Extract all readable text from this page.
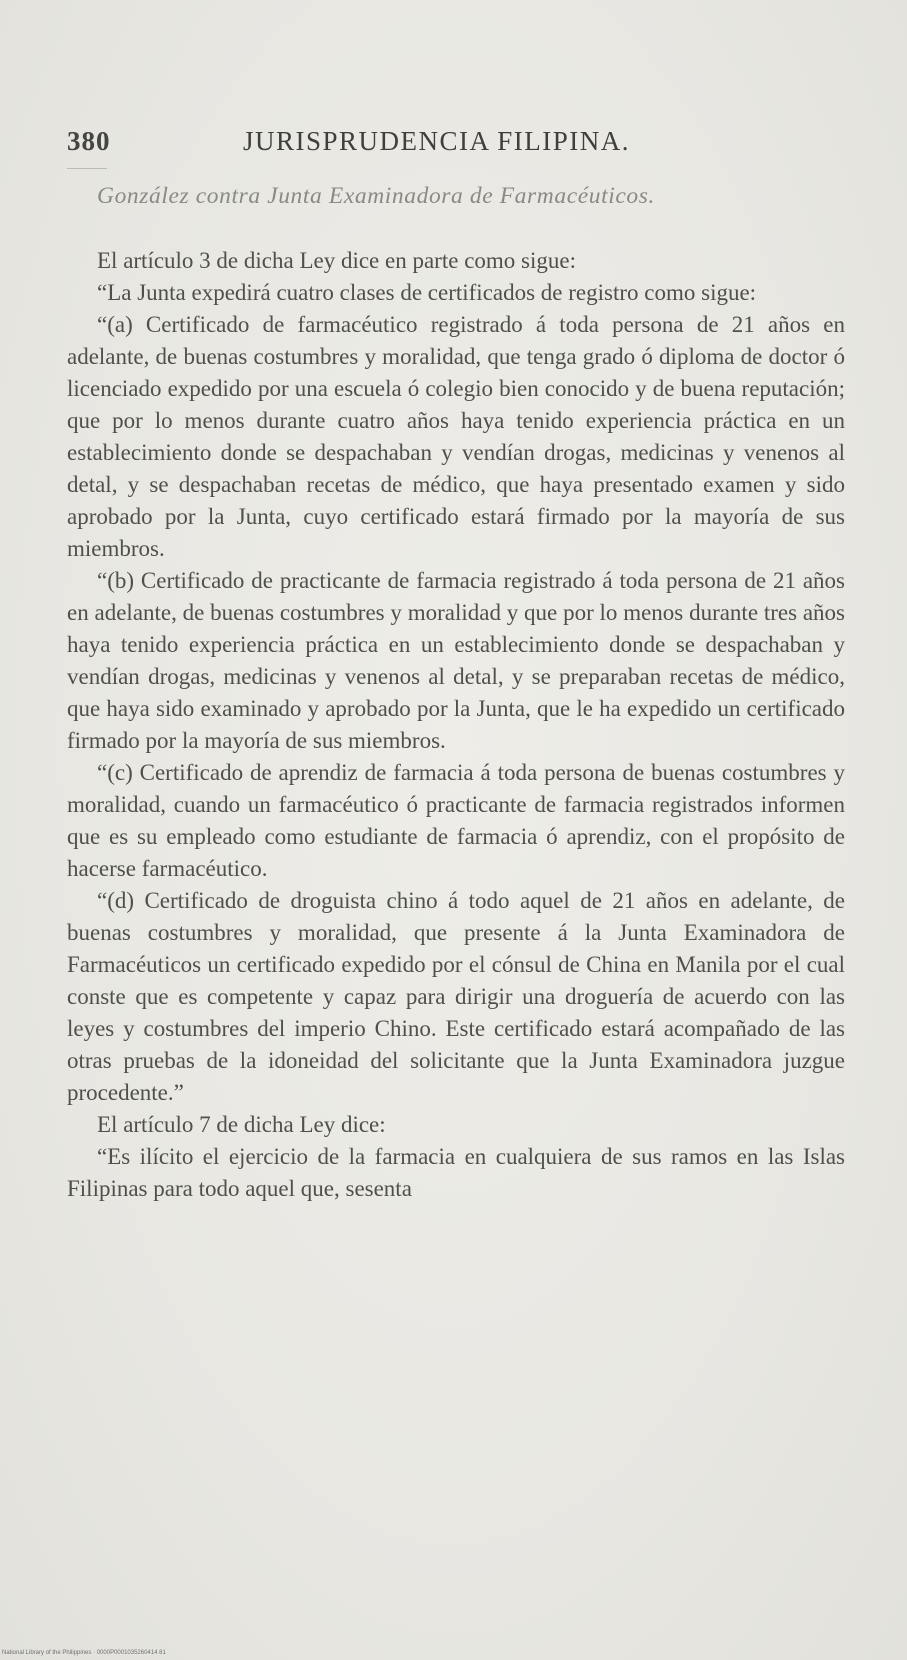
380	JURISPRUDENCIA FILIPINA.
González contra Junta Examinadora de Farmacéuticos.

El artículo 3 de dicha Ley dice en parte como sigue:

“La Junta expedirá cuatro clases de certificados de registro como sigue:

“(a) Certificado de farmacéutico registrado á toda persona de 21 años en adelante, de buenas costumbres y moralidad, que tenga grado ó diploma de doctor ó licenciado expedido por una escuela ó colegio bien conocido y de buena reputación; que por lo menos durante cuatro años haya tenido experiencia práctica en un establecimiento donde se despachaban y vendían drogas, medicinas y venenos al detal, y se despachaban recetas de médico, que haya presentado examen y sido aprobado por la Junta, cuyo certificado estará firmado por la mayoría de sus miembros.

“(b) Certificado de practicante de farmacia registrado á toda persona de 21 años en adelante, de buenas costumbres y moralidad y que por lo menos durante tres años haya tenido experiencia práctica en un establecimiento donde se despachaban y vendían drogas, medicinas y venenos al detal, y se preparaban recetas de médico, que haya sido examinado y aprobado por la Junta, que le ha expedido un certificado firmado por la mayoría de sus miembros.

“(c) Certificado de aprendiz de farmacia á toda persona de buenas costumbres y moralidad, cuando un farmacéutico ó practicante de farmacia registrados informen que es su empleado como estudiante de farmacia ó aprendiz, con el propósito de hacerse farmacéutico.

“(d) Certificado de droguista chino á todo aquel de 21 años en adelante, de buenas costumbres y moralidad, que presente á la Junta Examinadora de Farmacéuticos un certificado expedido por el cónsul de China en Manila por el cual conste que es competente y capaz para dirigir una droguería de acuerdo con las leyes y costumbres del imperio Chino. Este certificado estará acompañado de las otras pruebas de la idoneidad del solicitante que la Junta Examinadora juzgue procedente.”

El artículo 7 de dicha Ley dice:

“Es ilícito el ejercicio de la farmacia en cualquiera de sus ramos en las Islas Filipinas para todo aquel que, sesenta

National Library of the Philippines · 0000P0001035260414 81
